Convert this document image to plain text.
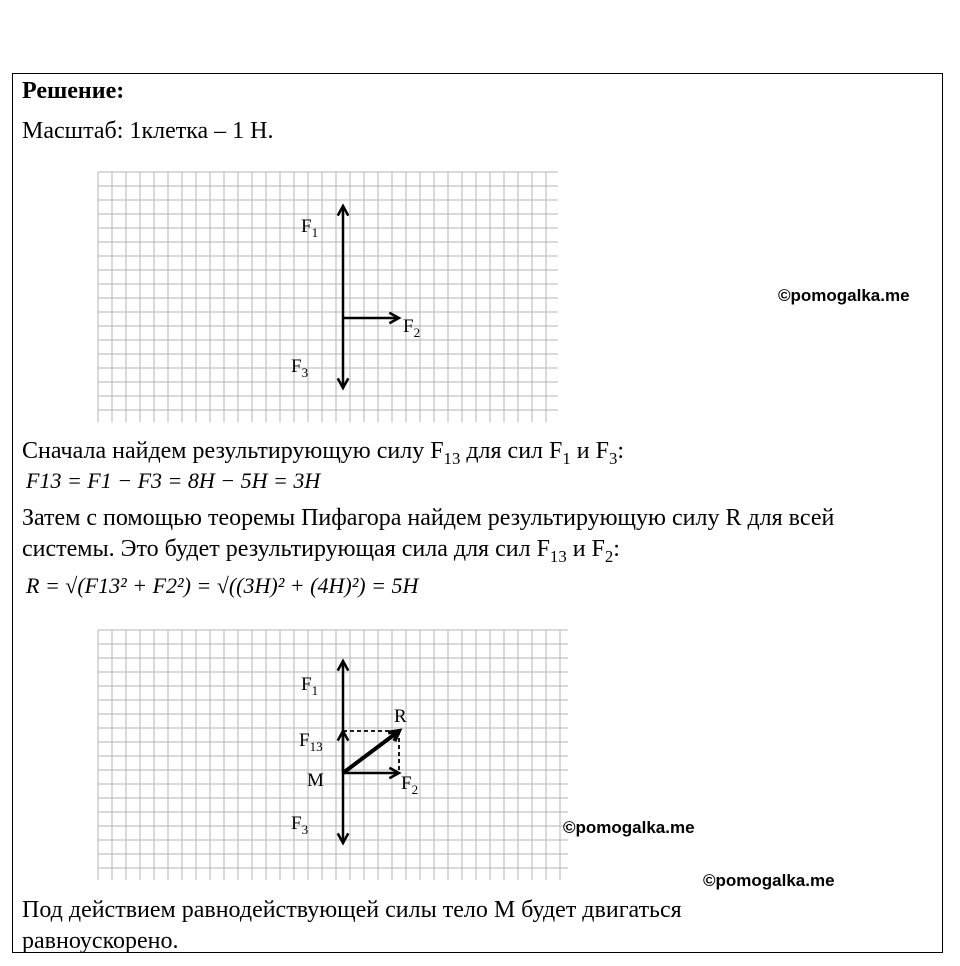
Решение:
Масштаб: 1клетка – 1 Н.
$F_1$
$F_2$
$F_3$
©pomogalka.me
Сначала найдем результирующую силу $F_{13}$ для сил $F_1$ и $F_3$:
F13 = F1 − F3 = 8H − 5H = 3H
Затем с помощью теоремы Пифагора найдем результирующую силу R для всей
системы. Это будет результирующая сила для сил $F_{13}$ и $F_2$:
R = √(F13² + F2²) = √((3H)² + (4H)²) = 5H
$F_1$
$F_{13}$
R
M	$F_2$
$F_3$	©pomogalka.me
©pomogalka.me
Под действием равнодействующей силы тело М будет двигаться
равноускорено.
